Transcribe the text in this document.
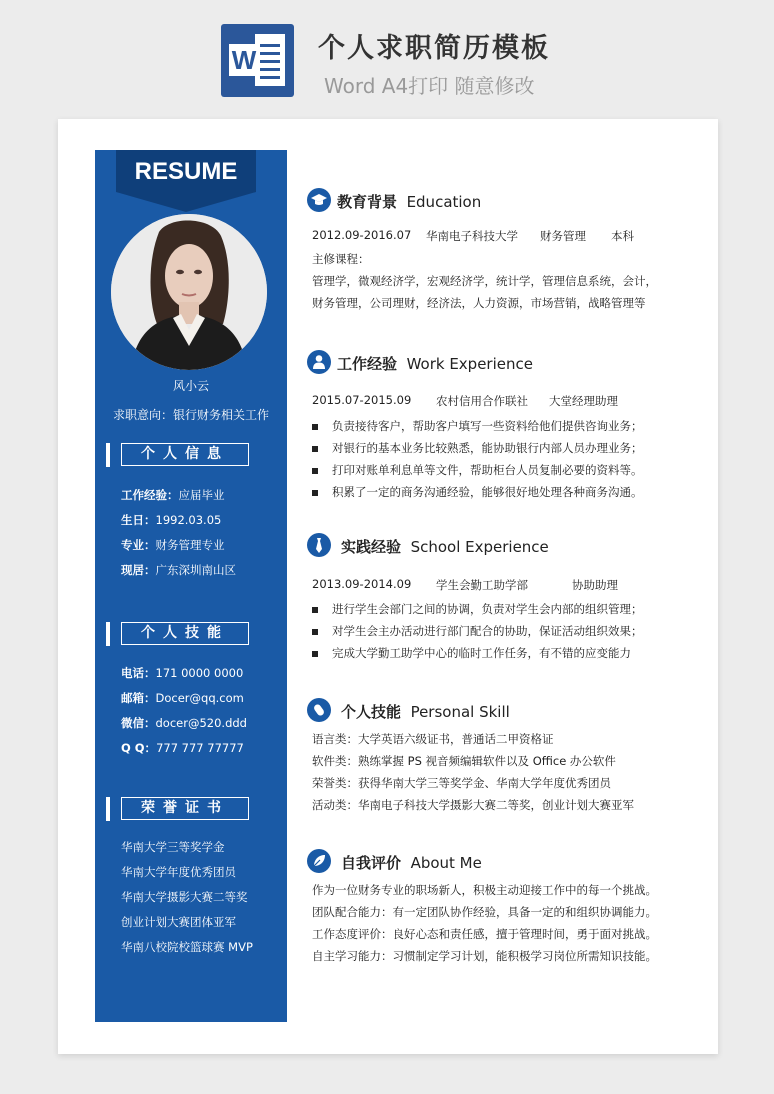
W 个人求职简历模板
Word A4打印 随意修改
RESUME
风小云
求职意向：银行财务相关工作
个人信息
工作经验：应届毕业
生日：1992.03.05
专业：财务管理专业
现居：广东深圳南山区
个人技能
电话：171 0000 0000
邮箱：Docer@qq.com
微信：docer@520.ddd
Q Q：777 777 77777
荣誉证书
华南大学三等奖学金
华南大学年度优秀团员
华南大学摄影大赛二等奖
创业计划大赛团体亚军
华南八校院校篮球赛 MVP
教育背景 Education
2012.09-2016.07 华南电子科技大学 财务管理 本科
主修课程：
管理学，微观经济学，宏观经济学，统计学，管理信息系统，会计，
财务管理，公司理财，经济法，人力资源，市场营销，战略管理等
工作经验 Work Experience
2015.07-2015.09 农村信用合作联社 大堂经理助理
负责接待客户，帮助客户填写一些资料给他们提供咨询业务；
对银行的基本业务比较熟悉，能协助银行内部人员办理业务；
打印对账单利息单等文件，帮助柜台人员复制必要的资料等。
积累了一定的商务沟通经验，能够很好地处理各种商务沟通。
实践经验 School Experience
2013.09-2014.09 学生会勤工助学部	协助助理
进行学生会部门之间的协调，负责对学生会内部的组织管理；
对学生会主办活动进行部门配合的协助，保证活动组织效果；
完成大学勤工助学中心的临时工作任务，有不错的应变能力
个人技能 Personal Skill
语言类：大学英语六级证书，普通话二甲资格证
软件类：熟练掌握 PS 视音频编辑软件以及 Office 办公软件
荣誉类：获得华南大学三等奖学金、华南大学年度优秀团员
活动类：华南电子科技大学摄影大赛二等奖，创业计划大赛亚军
自我评价 About Me
作为一位财务专业的职场新人，积极主动迎接工作中的每一个挑战。
团队配合能力：有一定团队协作经验，具备一定的和组织协调能力。
工作态度评价：良好心态和责任感，擅于管理时间，勇于面对挑战。
自主学习能力：习惯制定学习计划，能积极学习岗位所需知识技能。
